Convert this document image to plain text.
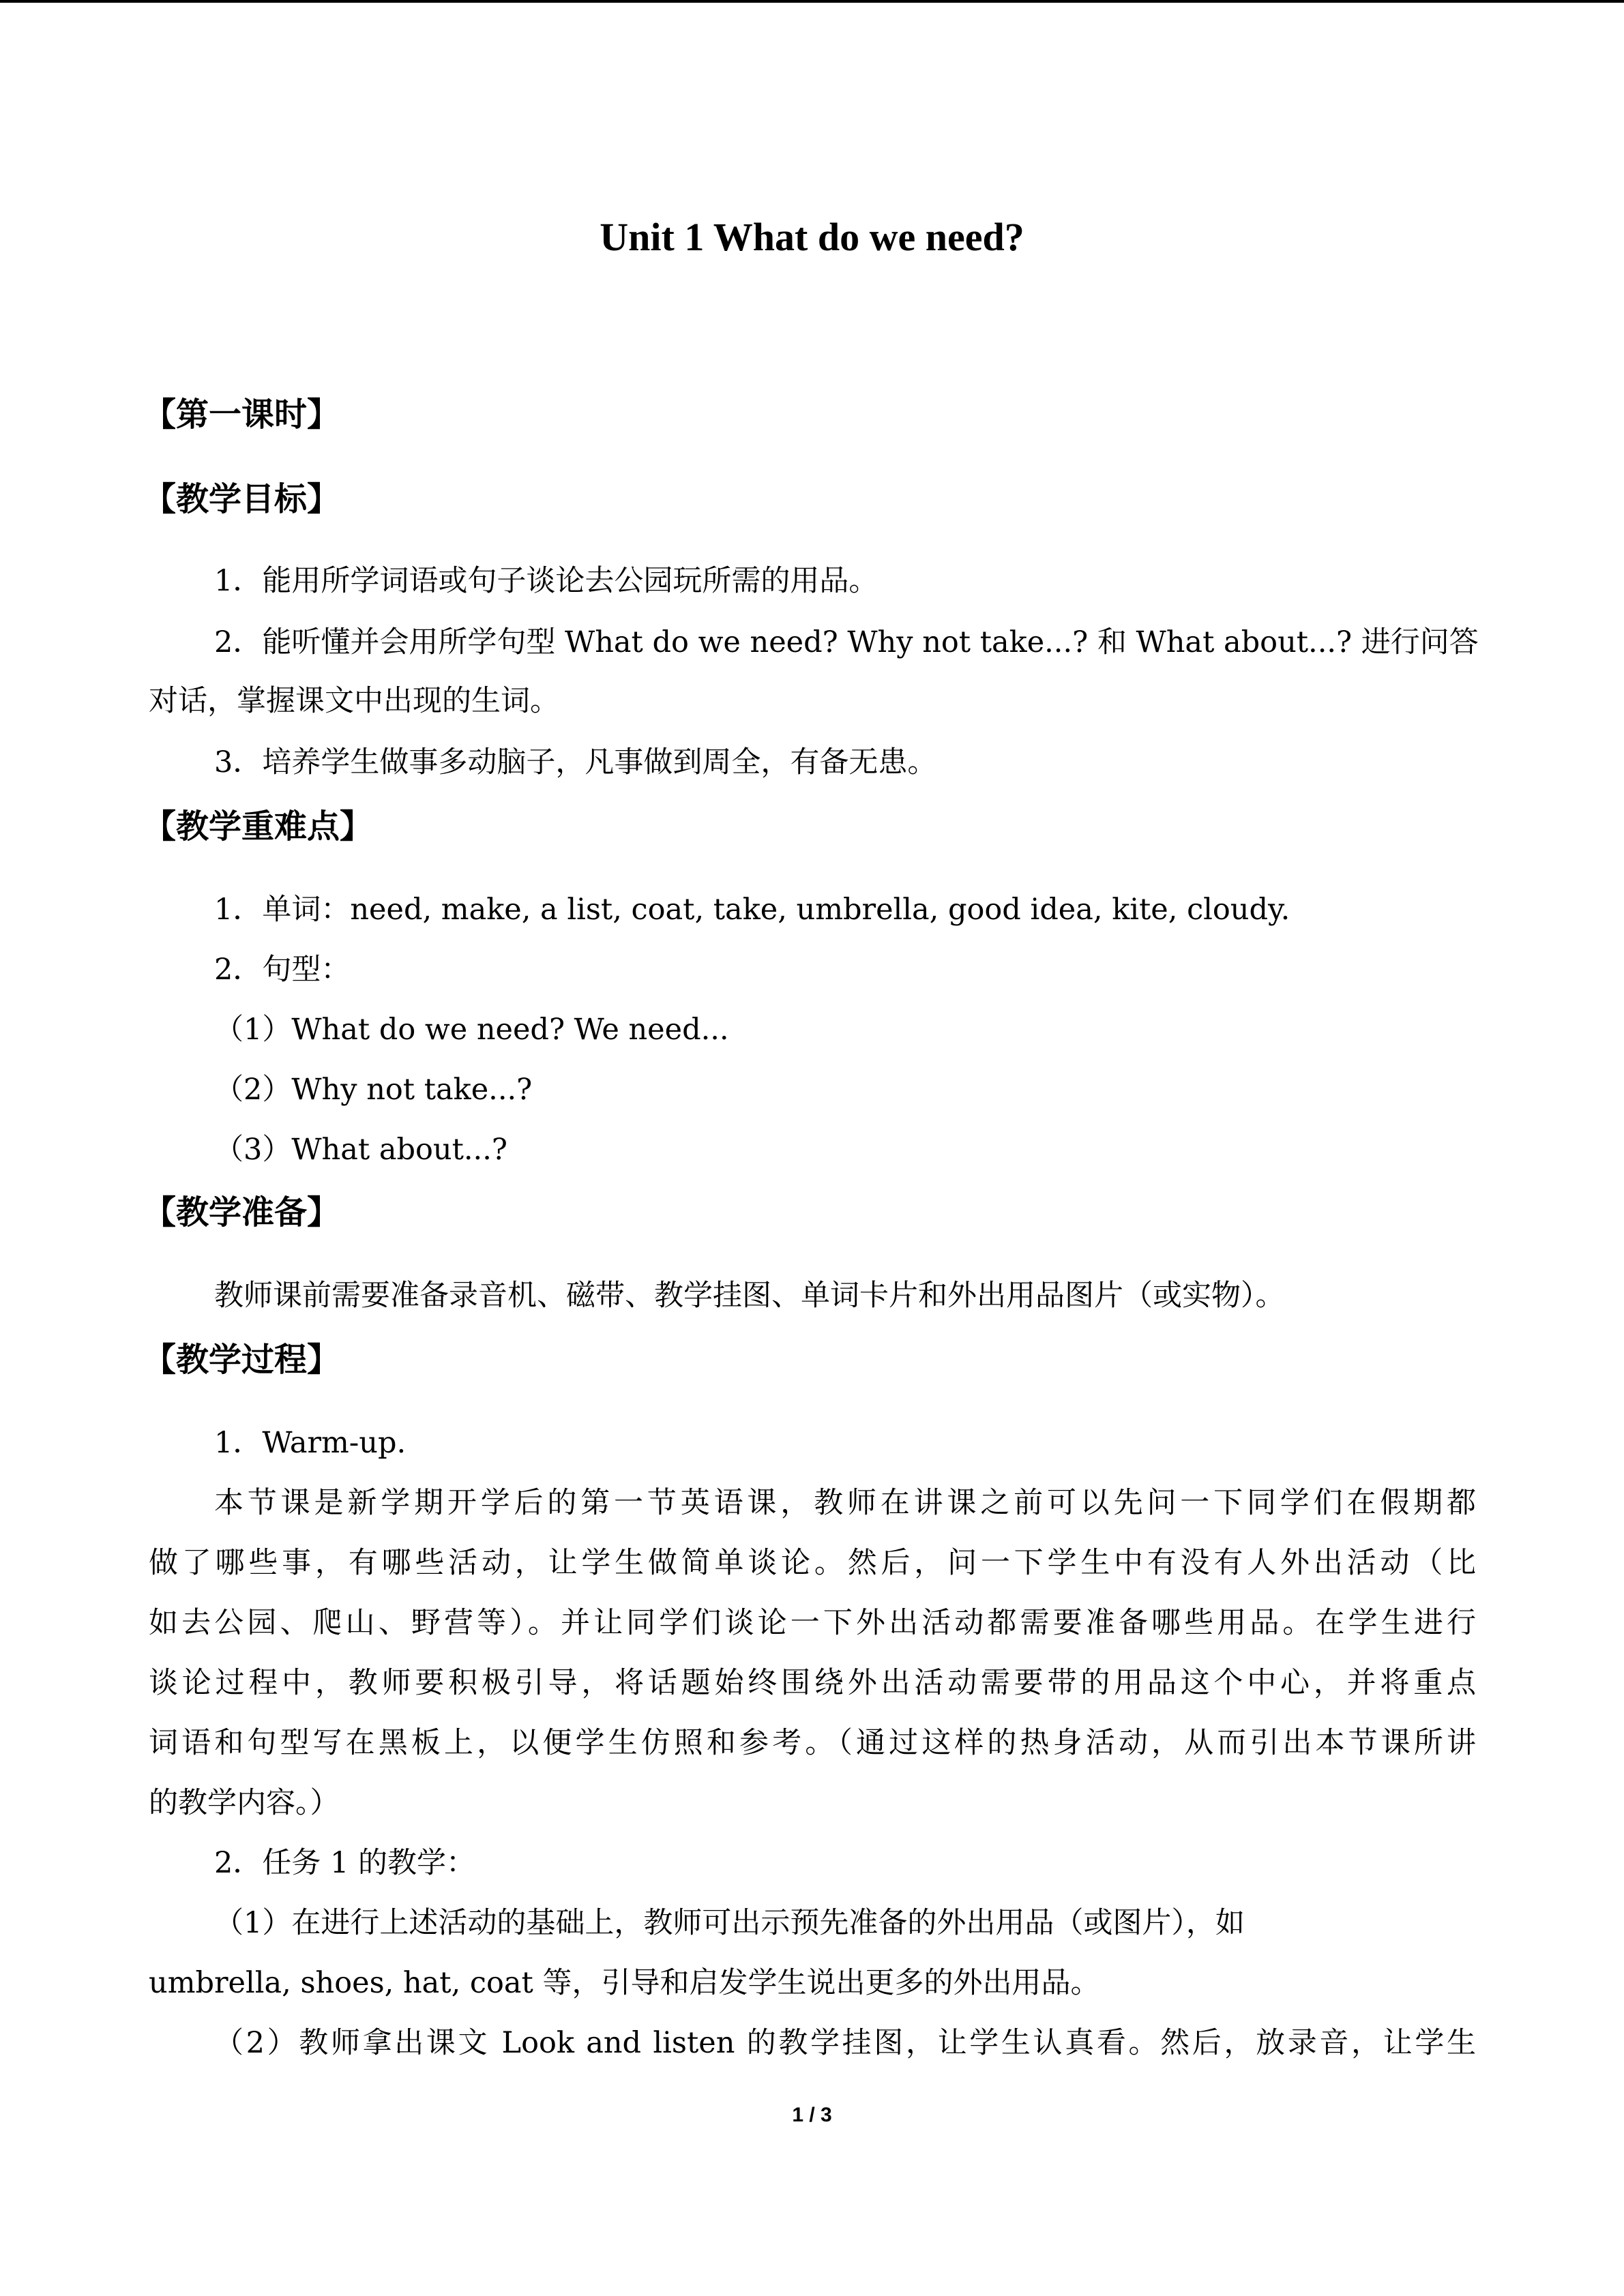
Unit 1 What do we need?
【第一课时】
【教学目标】
1．能用所学词语或句子谈论去公园玩所需的用品。
2．能听懂并会用所学句型 What do we need? Why not take...? 和 What about...? 进行问答
对话，掌握课文中出现的生词。
3．培养学生做事多动脑子，凡事做到周全，有备无患。
【教学重难点】
1．单词：need, make, a list, coat, take, umbrella, good idea, kite, cloudy.
2．句型：
（1）What do we need? We need...
（2）Why not take...?
（3）What about...?
【教学准备】
教师课前需要准备录音机、磁带、教学挂图、单词卡片和外出用品图片（或实物）。
【教学过程】
1．Warm-up.
本节课是新学期开学后的第一节英语课，教师在讲课之前可以先问一下同学们在假期都
做了哪些事，有哪些活动，让学生做简单谈论。然后，问一下学生中有没有人外出活动（比
如去公园、爬山、野营等）。并让同学们谈论一下外出活动都需要准备哪些用品。在学生进行
谈论过程中，教师要积极引导，将话题始终围绕外出活动需要带的用品这个中心，并将重点
词语和句型写在黑板上，以便学生仿照和参考。（通过这样的热身活动，从而引出本节课所讲
的教学内容。）
2．任务 1 的教学：
（1）在进行上述活动的基础上，教师可出示预先准备的外出用品（或图片），如
umbrella, shoes, hat, coat 等，引导和启发学生说出更多的外出用品。
（2）教师拿出课文 Look and listen 的教学挂图，让学生认真看。然后，放录音，让学生
1 / 3
